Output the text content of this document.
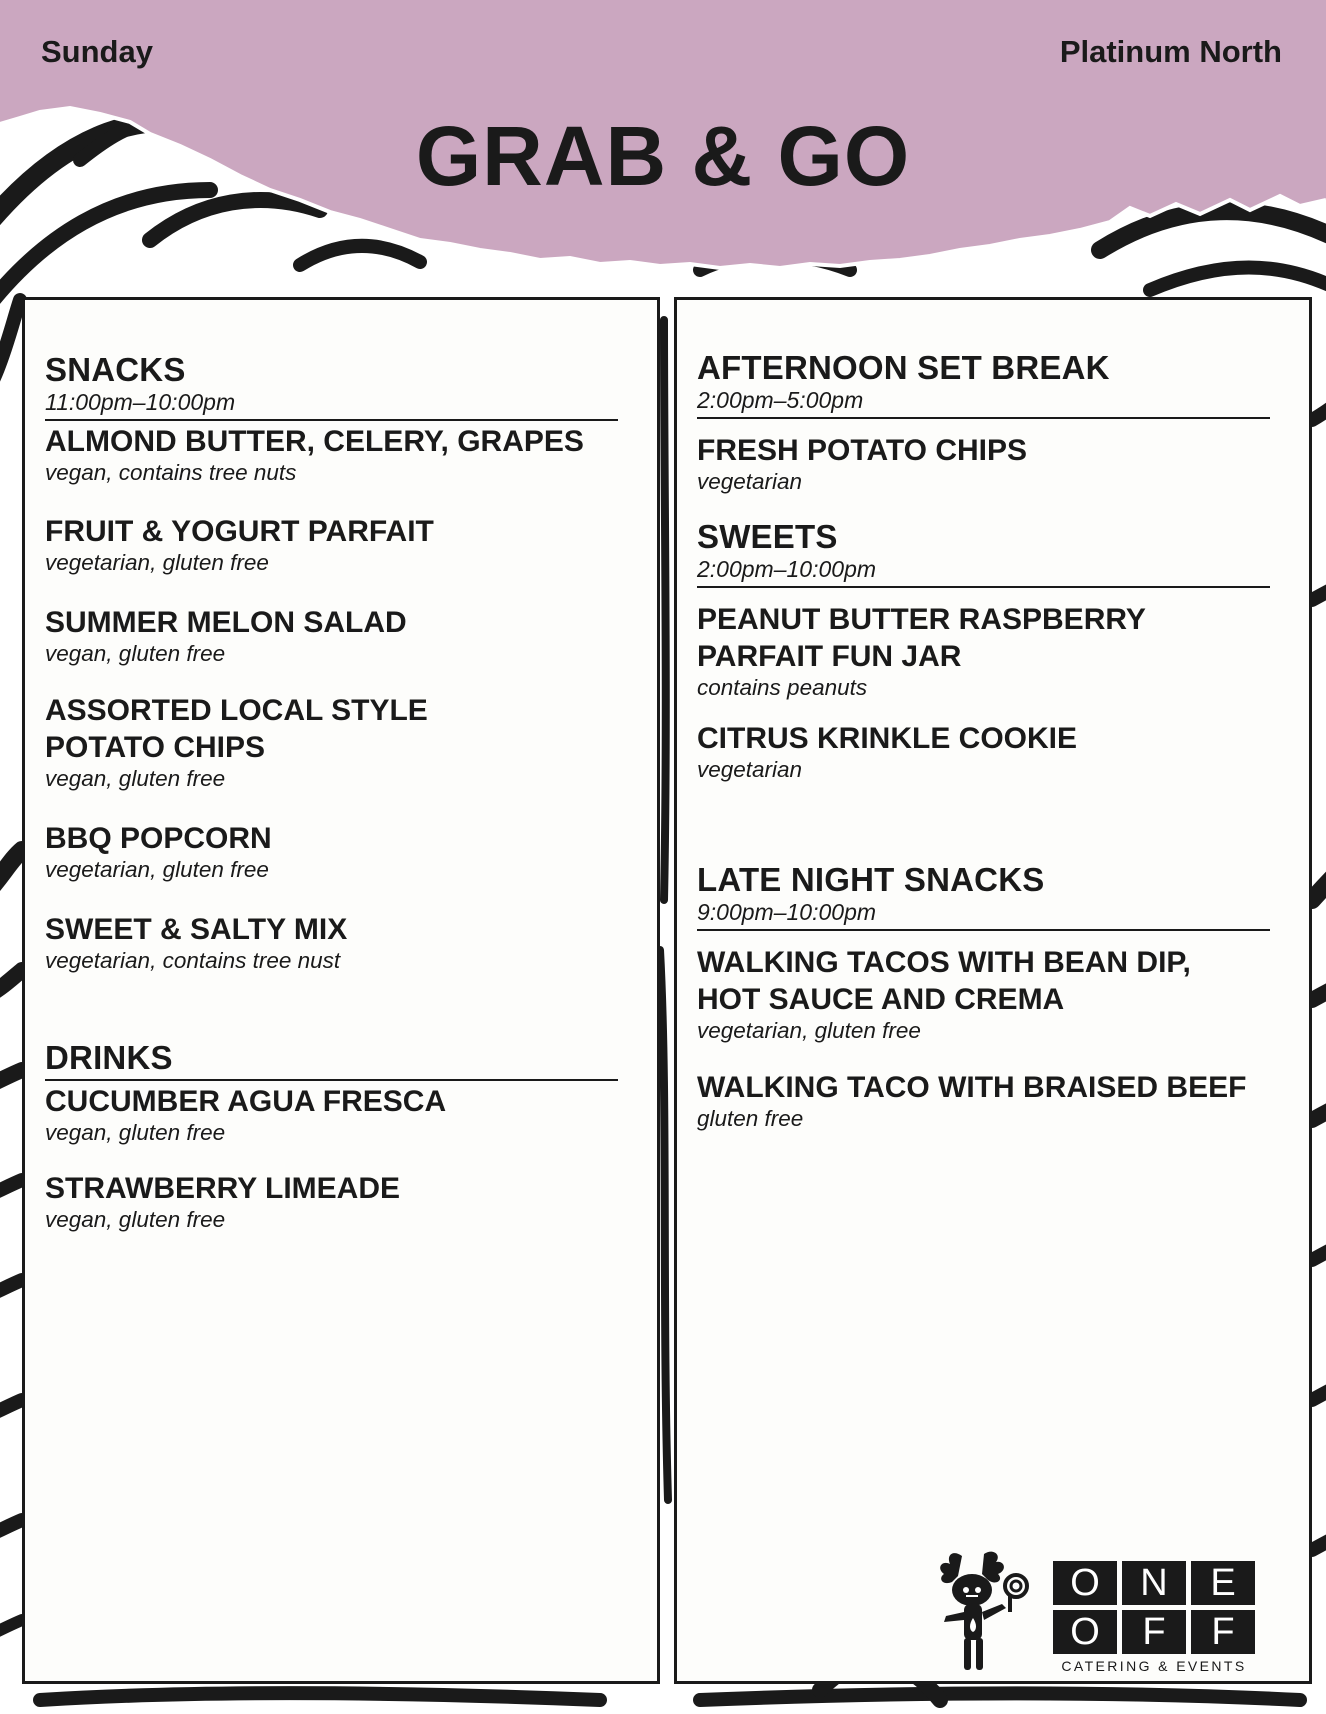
Sunday	Platinum North
GRAB & GO
SNACKS
11:00pm–10:00pm
ALMOND BUTTER, CELERY, GRAPES
vegan, contains tree nuts
FRUIT & YOGURT PARFAIT
vegetarian, gluten free
SUMMER MELON SALAD
vegan, gluten free
ASSORTED LOCAL STYLE
POTATO CHIPS
vegan, gluten free
BBQ POPCORN
vegetarian, gluten free
SWEET & SALTY MIX
vegetarian, contains tree nust
DRINKS
CUCUMBER AGUA FRESCA
vegan, gluten free
STRAWBERRY LIMEADE
vegan, gluten free
AFTERNOON SET BREAK
2:00pm–5:00pm
FRESH POTATO CHIPS
vegetarian
SWEETS
2:00pm–10:00pm
PEANUT BUTTER RASPBERRY
PARFAIT FUN JAR
contains peanuts
CITRUS KRINKLE COOKIE
vegetarian
LATE NIGHT SNACKS
9:00pm–10:00pm
WALKING TACOS WITH BEAN DIP,
HOT SAUCE AND CREMA
vegetarian, gluten free
WALKING TACO WITH BRAISED BEEF
gluten free
O	N	E
O	F	F
CATERING & EVENTS
